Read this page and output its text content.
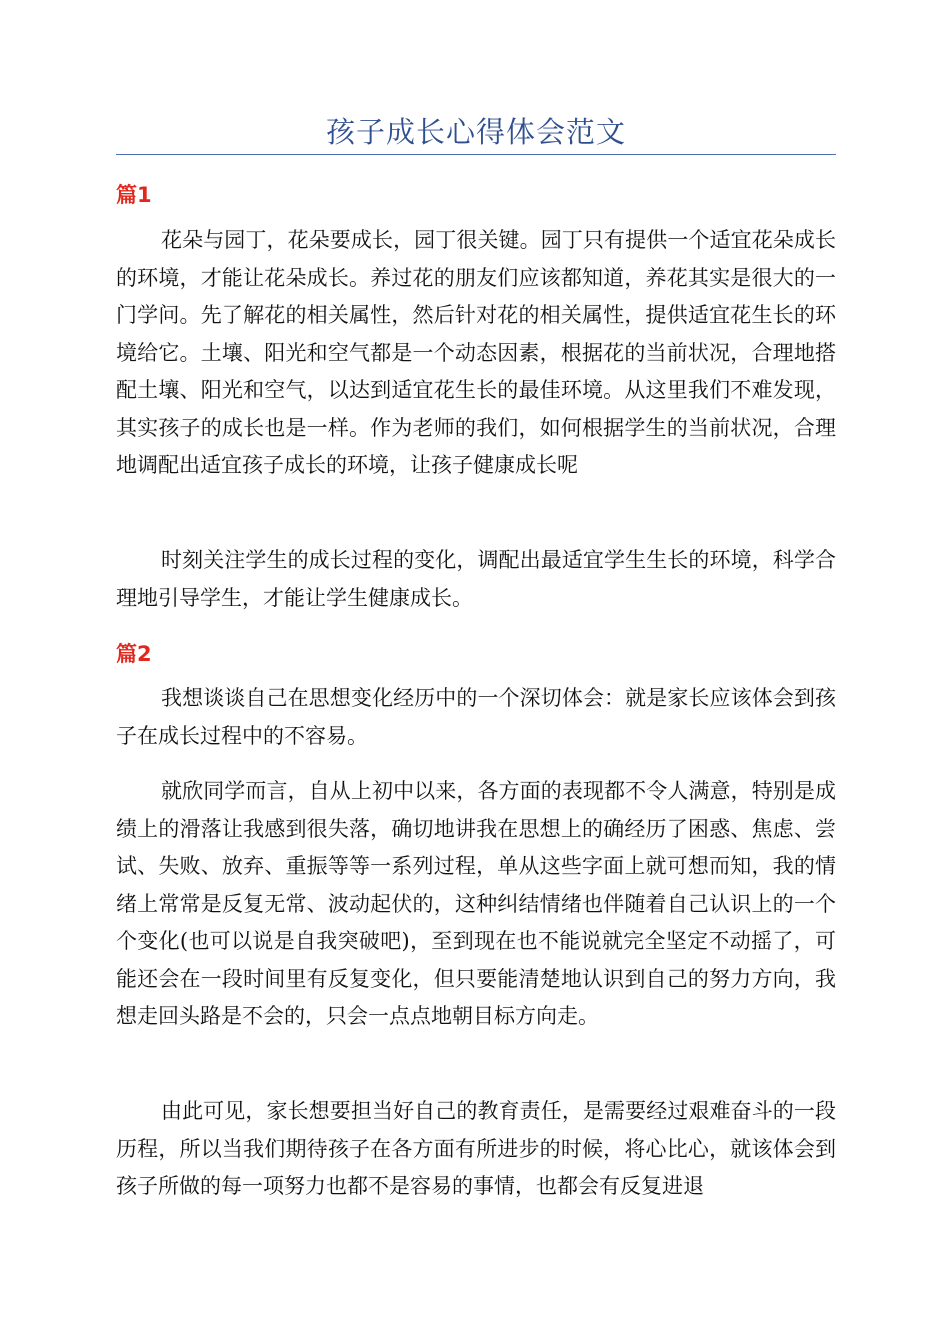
孩子成长心得体会范文
篇1

花朵与园丁，花朵要成长，园丁很关键。园丁只有提供一个适宜花朵成长的环境，才能让花朵成长。养过花的朋友们应该都知道，养花其实是很大的一门学问。先了解花的相关属性，然后针对花的相关属性，提供适宜花生长的环境给它。土壤、阳光和空气都是一个动态因素，根据花的当前状况，合理地搭配土壤、阳光和空气，以达到适宜花生长的最佳环境。从这里我们不难发现，其实孩子的成长也是一样。作为老师的我们，如何根据学生的当前状况，合理地调配出适宜孩子成长的环境，让孩子健康成长呢

时刻关注学生的成长过程的变化，调配出最适宜学生生长的环境，科学合理地引导学生，才能让学生健康成长。

篇2

我想谈谈自己在思想变化经历中的一个深切体会：就是家长应该体会到孩子在成长过程中的不容易。

就欣同学而言，自从上初中以来，各方面的表现都不令人满意，特别是成绩上的滑落让我感到很失落，确切地讲我在思想上的确经历了困惑、焦虑、尝试、失败、放弃、重振等等一系列过程，单从这些字面上就可想而知，我的情绪上常常是反复无常、波动起伏的，这种纠结情绪也伴随着自己认识上的一个个变化(也可以说是自我突破吧)，至到现在也不能说就完全坚定不动摇了，可能还会在一段时间里有反复变化，但只要能清楚地认识到自己的努力方向，我想走回头路是不会的，只会一点点地朝目标方向走。

由此可见，家长想要担当好自己的教育责任，是需要经过艰难奋斗的一段历程，所以当我们期待孩子在各方面有所进步的时候，将心比心，就该体会到孩子所做的每一项努力也都不是容易的事情，也都会有反复进退
